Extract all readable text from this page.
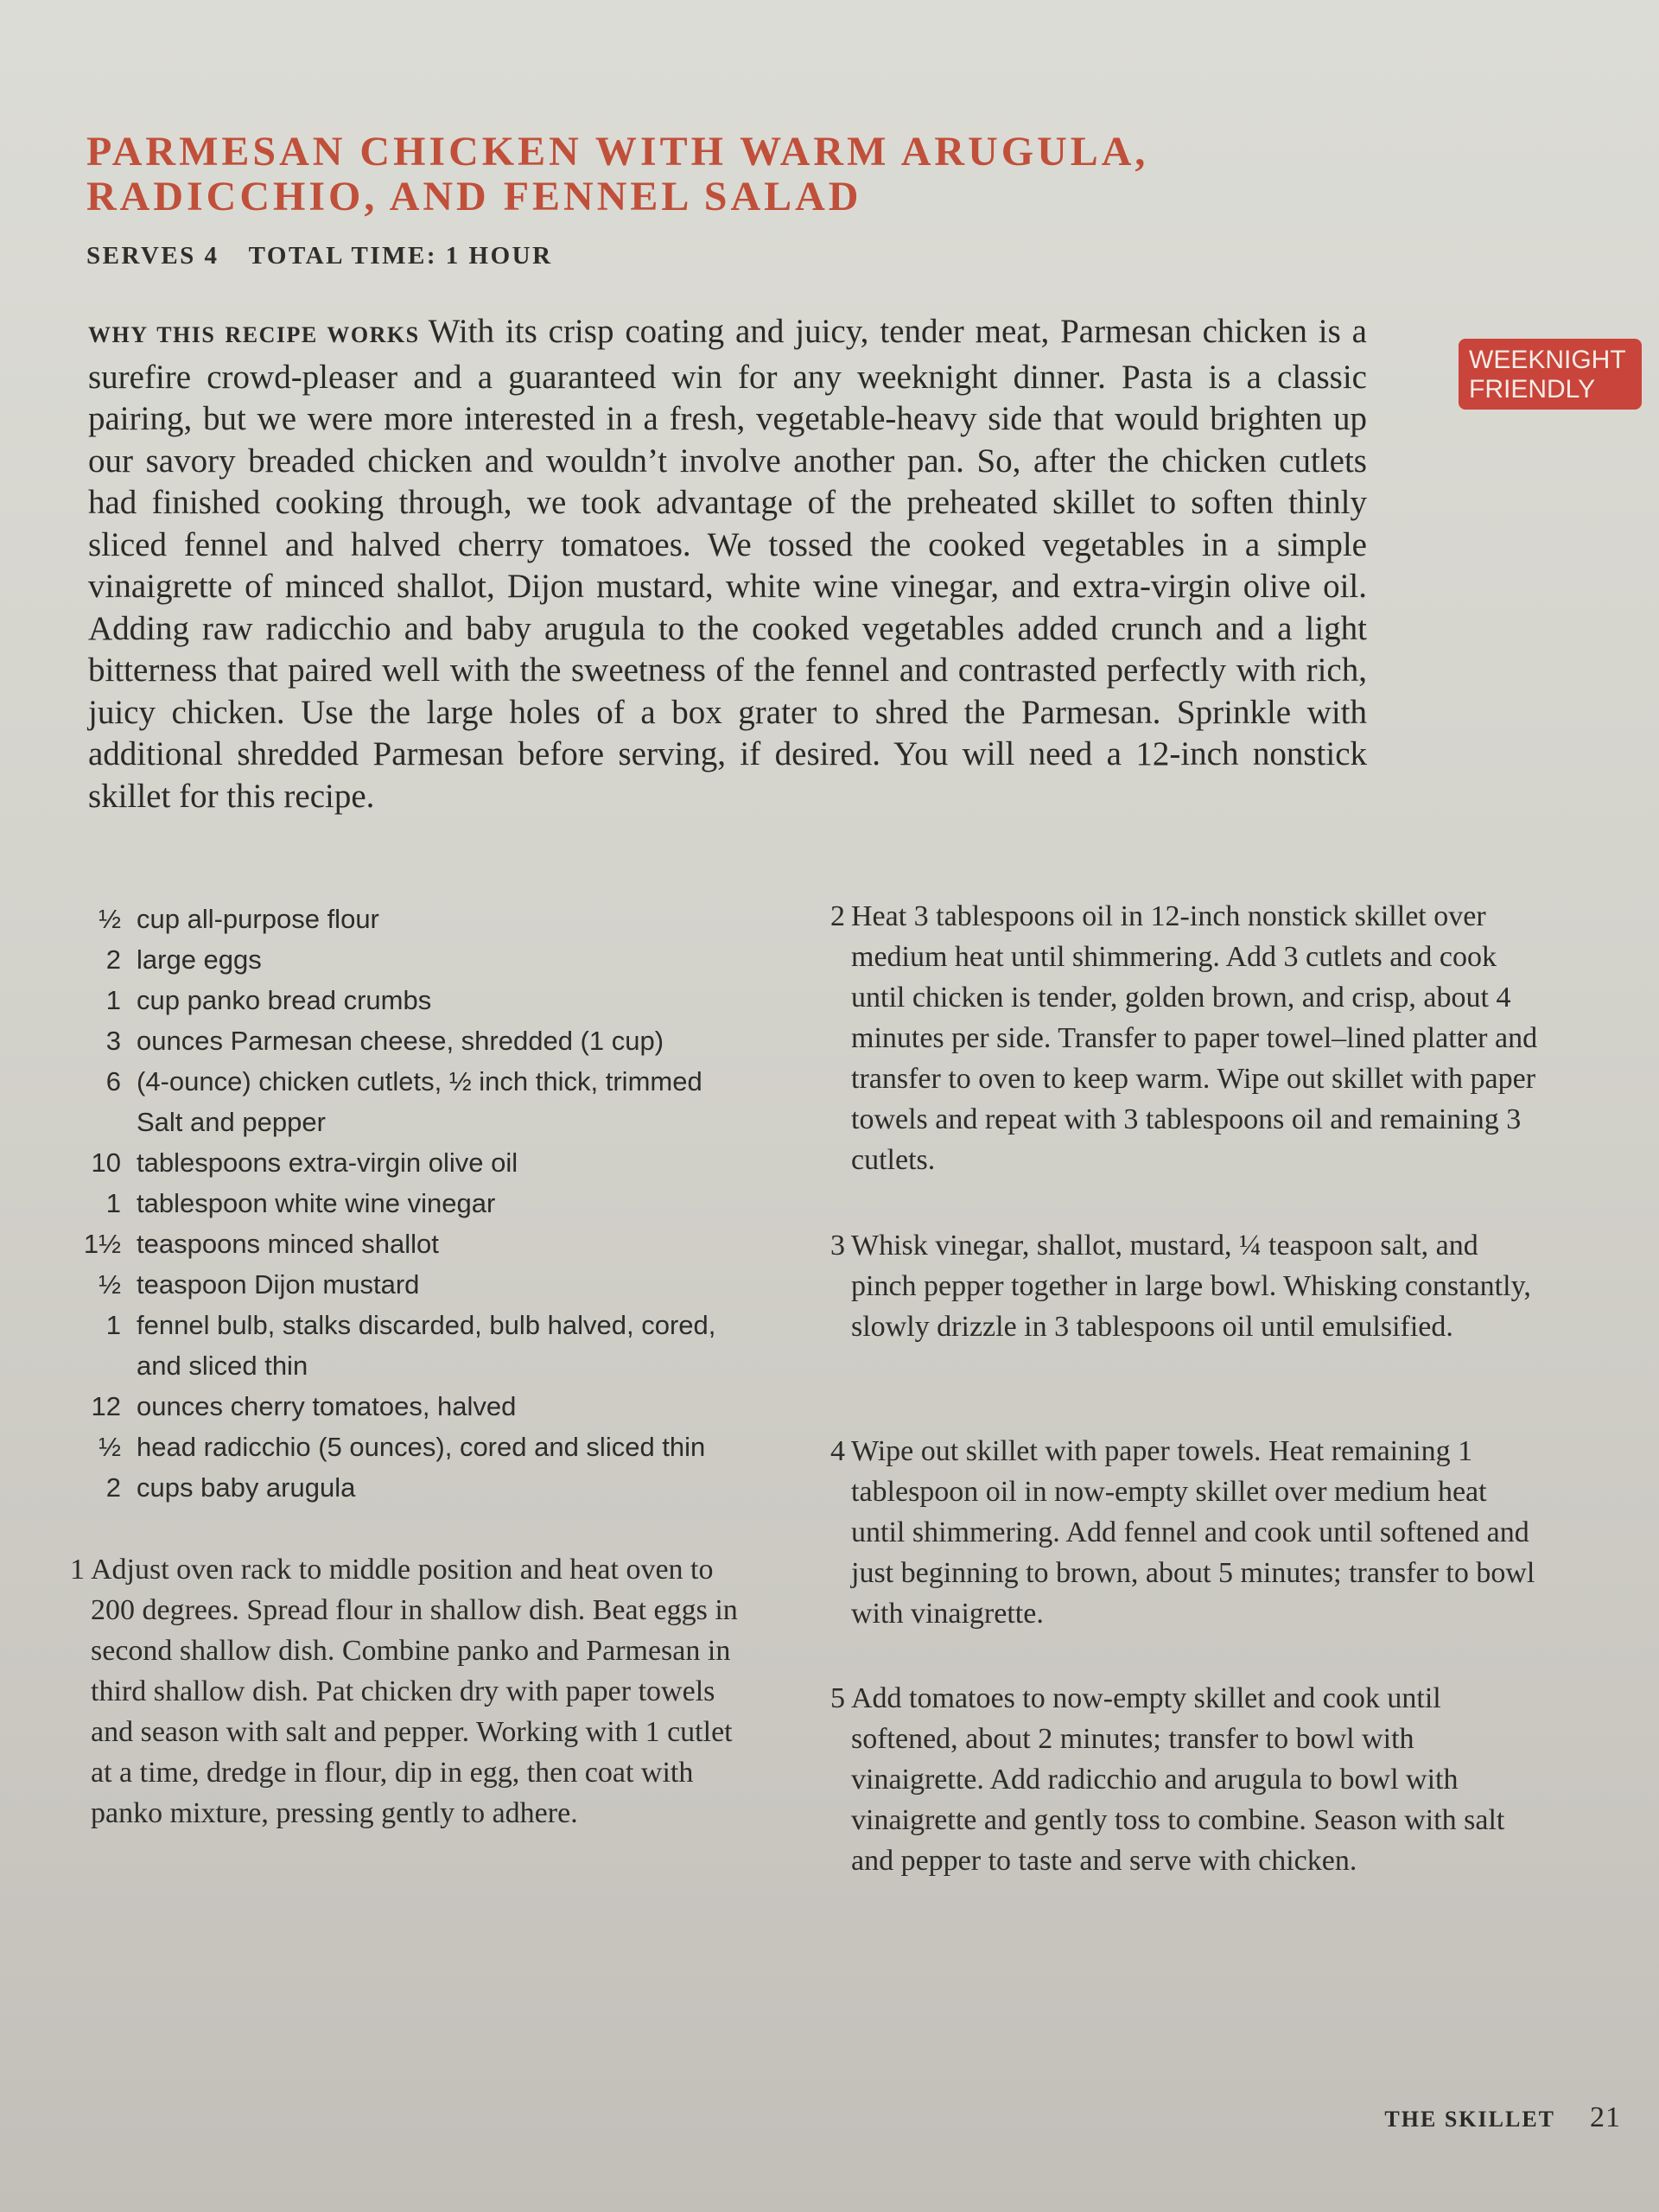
PARMESAN CHICKEN WITH WARM ARUGULA,
RADICCHIO, AND FENNEL SALAD
SERVES 4 TOTAL TIME: 1 HOUR

WHY THIS RECIPE WORKS With its crisp coating and juicy, tender meat, Parmesan chicken is a surefire crowd-pleaser and a guaranteed win for any weeknight dinner. Pasta is a classic pairing, but we were more interested in a fresh, vegetable-heavy side that would brighten up our savory breaded chicken and wouldn’t involve another pan. So, after the chicken cutlets had finished cooking through, we took advantage of the preheated skillet to soften thinly sliced fennel and halved cherry tomatoes. We tossed the cooked vegetables in a simple vinaigrette of minced shallot, Dijon mustard, white wine vinegar, and extra-virgin olive oil. Adding raw radicchio and baby arugula to the cooked vegetables added crunch and a light bitterness that paired well with the sweetness of the fennel and contrasted perfectly with rich, juicy chicken. Use the large holes of a box grater to shred the Parmesan. Sprinkle with additional shredded Parmesan before serving, if desired. You will need a 12-inch nonstick skillet for this recipe.

WEEKNIGHT
FRIENDLY
½ cup all-purpose flour
2 large eggs
1 cup panko bread crumbs
3 ounces Parmesan cheese, shredded (1 cup)
6 (4-ounce) chicken cutlets, ½ inch thick, trimmed
Salt and pepper
10 tablespoons extra-virgin olive oil
1 tablespoon white wine vinegar
1½ teaspoons minced shallot
½ teaspoon Dijon mustard
1 fennel bulb, stalks discarded, bulb halved, cored,
and sliced thin
12 ounces cherry tomatoes, halved
½ head radicchio (5 ounces), cored and sliced thin
2 cups baby arugula

1 Adjust oven rack to middle position and heat oven to 200 degrees. Spread flour in shallow dish. Beat eggs in second shallow dish. Combine panko and Parmesan in third shallow dish. Pat chicken dry with paper towels and season with salt and pepper. Working with 1 cutlet at a time, dredge in flour, dip in egg, then coat with panko mixture, pressing gently to adhere.

2 Heat 3 tablespoons oil in 12-inch nonstick skillet over medium heat until shimmering. Add 3 cutlets and cook until chicken is tender, golden brown, and crisp, about 4 minutes per side. Transfer to paper towel–lined platter and transfer to oven to keep warm. Wipe out skillet with paper towels and repeat with 3 tablespoons oil and remaining 3 cutlets.

3 Whisk vinegar, shallot, mustard, ¼ teaspoon salt, and pinch pepper together in large bowl. Whisking constantly, slowly drizzle in 3 tablespoons oil until emulsified.

4 Wipe out skillet with paper towels. Heat remaining 1 tablespoon oil in now-empty skillet over medium heat until shimmering. Add fennel and cook until softened and just beginning to brown, about 5 minutes; transfer to bowl with vinaigrette.

5 Add tomatoes to now-empty skillet and cook until softened, about 2 minutes; transfer to bowl with vinaigrette. Add radicchio and arugula to bowl with vinaigrette and gently toss to combine. Season with salt and pepper to taste and serve with chicken.

THE SKILLET 21
